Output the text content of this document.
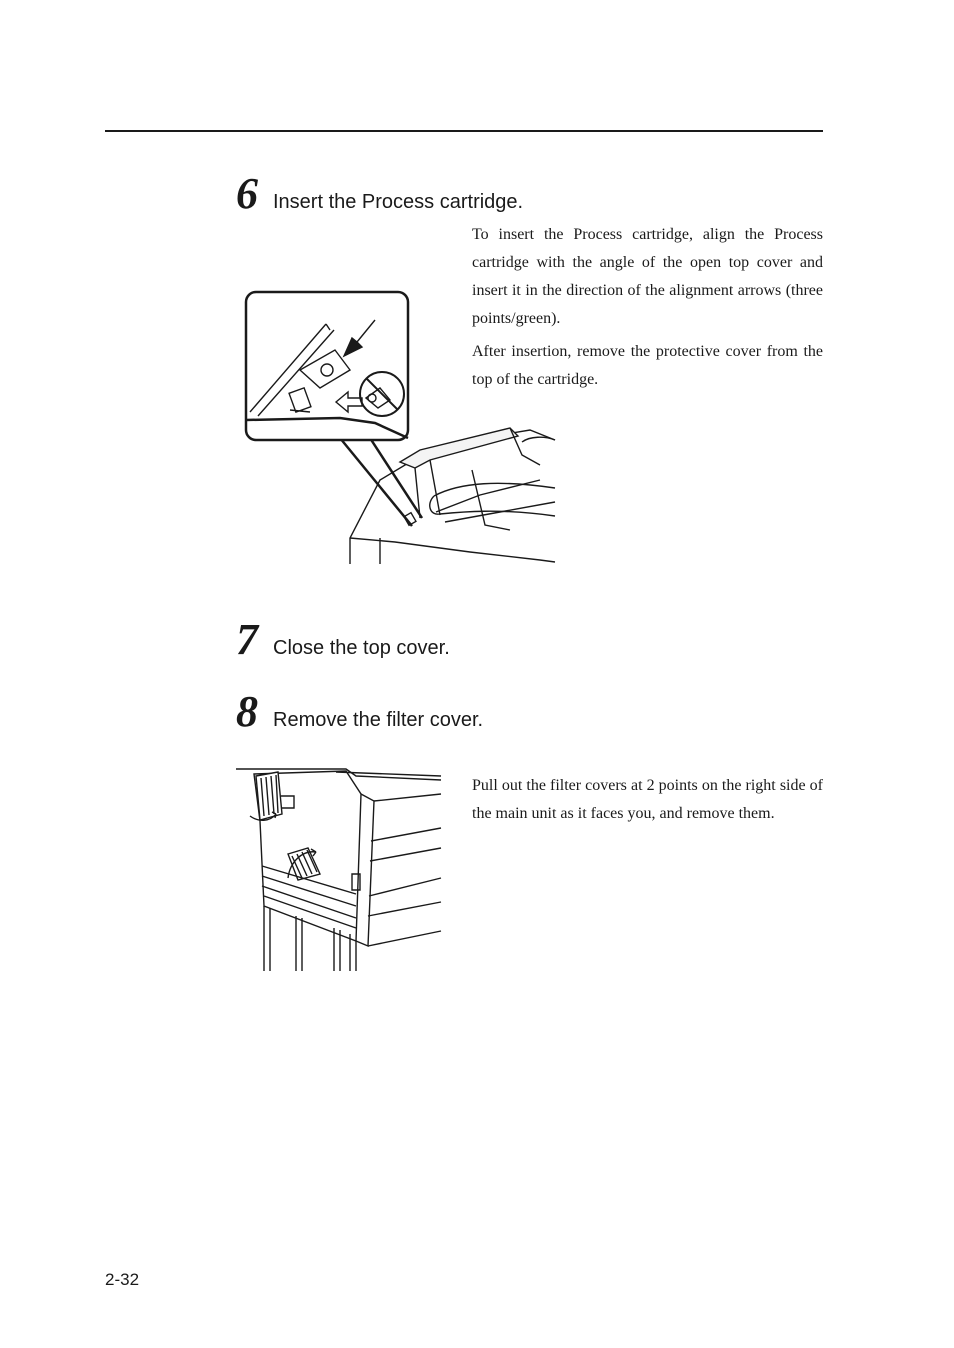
6 Insert the Process cartridge.

To insert the Process cartridge, align the Process cartridge with the angle of the open top cover and insert it in the direction of the alignment arrows (three points/green).

After insertion, remove the protective cover from the top of the cartridge.

7 Close the top cover.
8 Remove the filter cover.

Pull out the filter covers at 2 points on the right side of the main unit as it faces you, and remove them.

2-32
